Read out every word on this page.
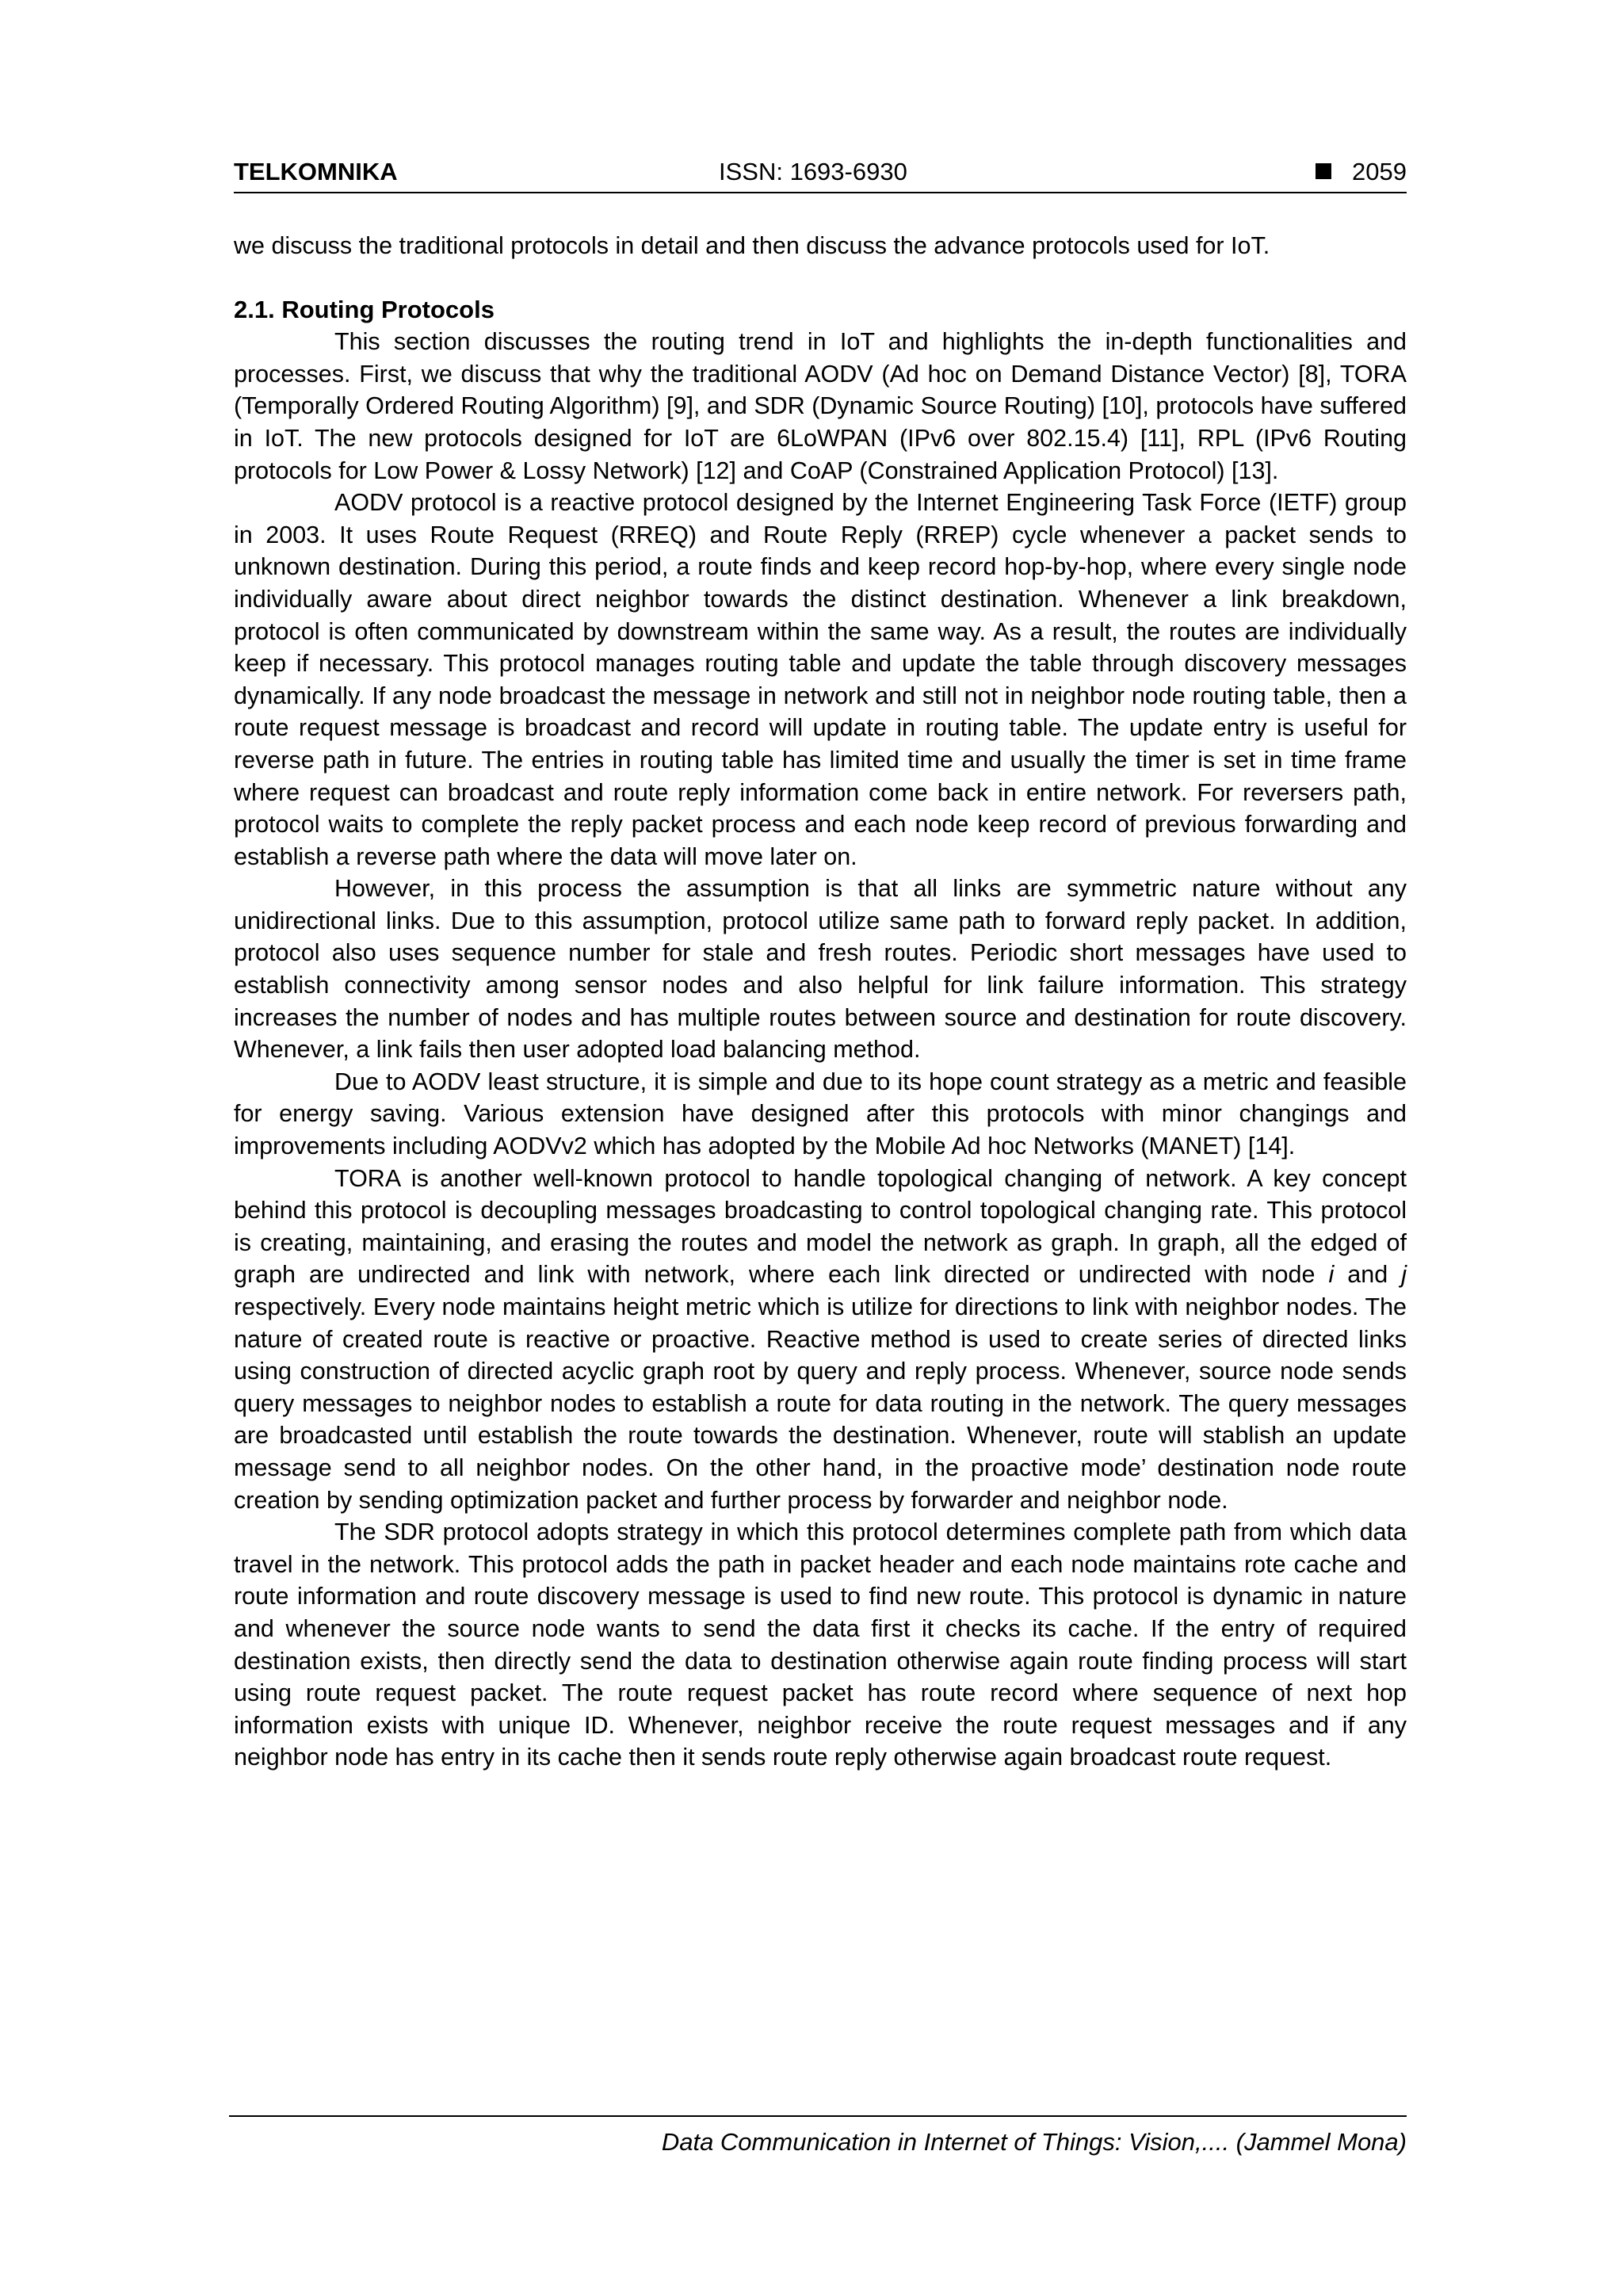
TELKOMNIKA	ISSN: 1693-6930	2059

we discuss the traditional protocols in detail and then discuss the advance protocols used for IoT.

2.1. Routing Protocols

This section discusses the routing trend in IoT and highlights the in-depth functionalities and processes. First, we discuss that why the traditional AODV (Ad hoc on Demand Distance Vector) [8], TORA (Temporally Ordered Routing Algorithm) [9], and SDR (Dynamic Source Routing) [10], protocols have suffered in IoT. The new protocols designed for IoT are 6LoWPAN (IPv6 over 802.15.4) [11], RPL (IPv6 Routing protocols for Low Power & Lossy Network) [12] and CoAP (Constrained Application Protocol) [13].

AODV protocol is a reactive protocol designed by the Internet Engineering Task Force (IETF) group in 2003. It uses Route Request (RREQ) and Route Reply (RREP) cycle whenever a packet sends to unknown destination. During this period, a route finds and keep record hop-by-hop, where every single node individually aware about direct neighbor towards the distinct destination. Whenever a link breakdown, protocol is often communicated by downstream within the same way. As a result, the routes are individually keep if necessary. This protocol manages routing table and update the table through discovery messages dynamically. If any node broadcast the message in network and still not in neighbor node routing table, then a route request message is broadcast and record will update in routing table. The update entry is useful for reverse path in future. The entries in routing table has limited time and usually the timer is set in time frame where request can broadcast and route reply information come back in entire network. For reversers path, protocol waits to complete the reply packet process and each node keep record of previous forwarding and establish a reverse path where the data will move later on.

However, in this process the assumption is that all links are symmetric nature without any unidirectional links. Due to this assumption, protocol utilize same path to forward reply packet. In addition, protocol also uses sequence number for stale and fresh routes. Periodic short messages have used to establish connectivity among sensor nodes and also helpful for link failure information. This strategy increases the number of nodes and has multiple routes between source and destination for route discovery. Whenever, a link fails then user adopted load balancing method.

Due to AODV least structure, it is simple and due to its hope count strategy as a metric and feasible for energy saving. Various extension have designed after this protocols with minor changings and improvements including AODVv2 which has adopted by the Mobile Ad hoc Networks (MANET) [14].

TORA is another well-known protocol to handle topological changing of network. A key concept behind this protocol is decoupling messages broadcasting to control topological changing rate. This protocol is creating, maintaining, and erasing the routes and model the network as graph. In graph, all the edged of graph are undirected and link with network, where each link directed or undirected with node i and j respectively. Every node maintains height metric which is utilize for directions to link with neighbor nodes. The nature of created route is reactive or proactive. Reactive method is used to create series of directed links using construction of directed acyclic graph root by query and reply process. Whenever, source node sends query messages to neighbor nodes to establish a route for data routing in the network. The query messages are broadcasted until establish the route towards the destination. Whenever, route will stablish an update message send to all neighbor nodes. On the other hand, in the proactive mode’ destination node route creation by sending optimization packet and further process by forwarder and neighbor node.

The SDR protocol adopts strategy in which this protocol determines complete path from which data travel in the network. This protocol adds the path in packet header and each node maintains rote cache and route information and route discovery message is used to find new route. This protocol is dynamic in nature and whenever the source node wants to send the data first it checks its cache. If the entry of required destination exists, then directly send the data to destination otherwise again route finding process will start using route request packet. The route request packet has route record where sequence of next hop information exists with unique ID. Whenever, neighbor receive the route request messages and if any neighbor node has entry in its cache then it sends route reply otherwise again broadcast route request.

Data Communication in Internet of Things: Vision,.... (Jammel Mona)
